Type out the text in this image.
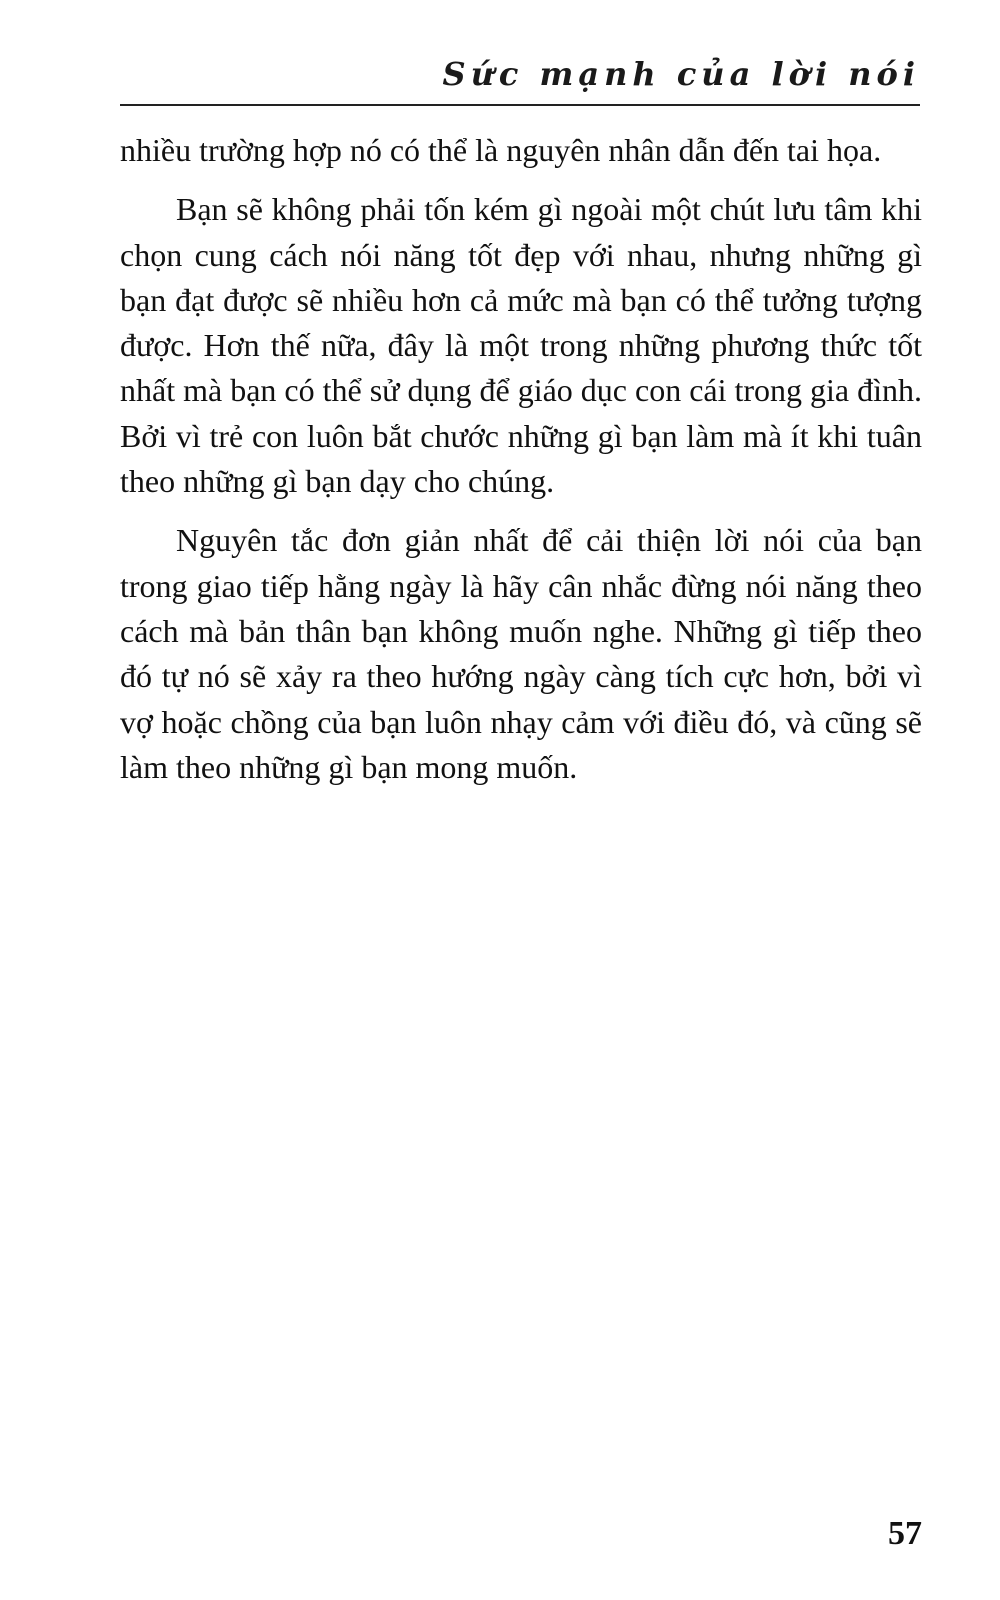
Sức mạnh của lời nói

nhiều trường hợp nó có thể là nguyên nhân dẫn đến tai họa.

Bạn sẽ không phải tốn kém gì ngoài một chút lưu tâm khi chọn cung cách nói năng tốt đẹp với nhau, nhưng những gì bạn đạt được sẽ nhiều hơn cả mức mà bạn có thể tưởng tượng được. Hơn thế nữa, đây là một trong những phương thức tốt nhất mà bạn có thể sử dụng để giáo dục con cái trong gia đình. Bởi vì trẻ con luôn bắt chước những gì bạn làm mà ít khi tuân theo những gì bạn dạy cho chúng.

Nguyên tắc đơn giản nhất để cải thiện lời nói của bạn trong giao tiếp hằng ngày là hãy cân nhắc đừng nói năng theo cách mà bản thân bạn không muốn nghe. Những gì tiếp theo đó tự nó sẽ xảy ra theo hướng ngày càng tích cực hơn, bởi vì vợ hoặc chồng của bạn luôn nhạy cảm với điều đó, và cũng sẽ làm theo những gì bạn mong muốn.

57
